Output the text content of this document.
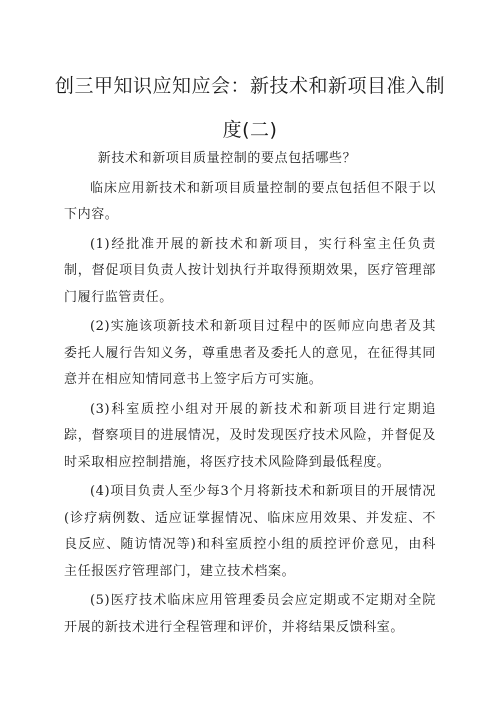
创三甲知识应知应会：新技术和新项目准入制
度(二)

新技术和新项目质量控制的要点包括哪些？

临床应用新技术和新项目质量控制的要点包括但不限于以下内容。

(1)经批准开展的新技术和新项目，实行科室主任负责制，督促项目负责人按计划执行并取得预期效果，医疗管理部门履行监管责任。

(2)实施该项新技术和新项目过程中的医师应向患者及其委托人履行告知义务，尊重患者及委托人的意见，在征得其同意并在相应知情同意书上签字后方可实施。

(3)科室质控小组对开展的新技术和新项目进行定期追踪，督察项目的进展情况，及时发现医疗技术风险，并督促及时采取相应控制措施，将医疗技术风险降到最低程度。

(4)项目负责人至少每3个月将新技术和新项目的开展情况(诊疗病例数、适应证掌握情况、临床应用效果、并发症、不良反应、随访情况等)和科室质控小组的质控评价意见，由科主任报医疗管理部门，建立技术档案。

(5)医疗技术临床应用管理委员会应定期或不定期对全院开展的新技术进行全程管理和评价，并将结果反馈科室。
